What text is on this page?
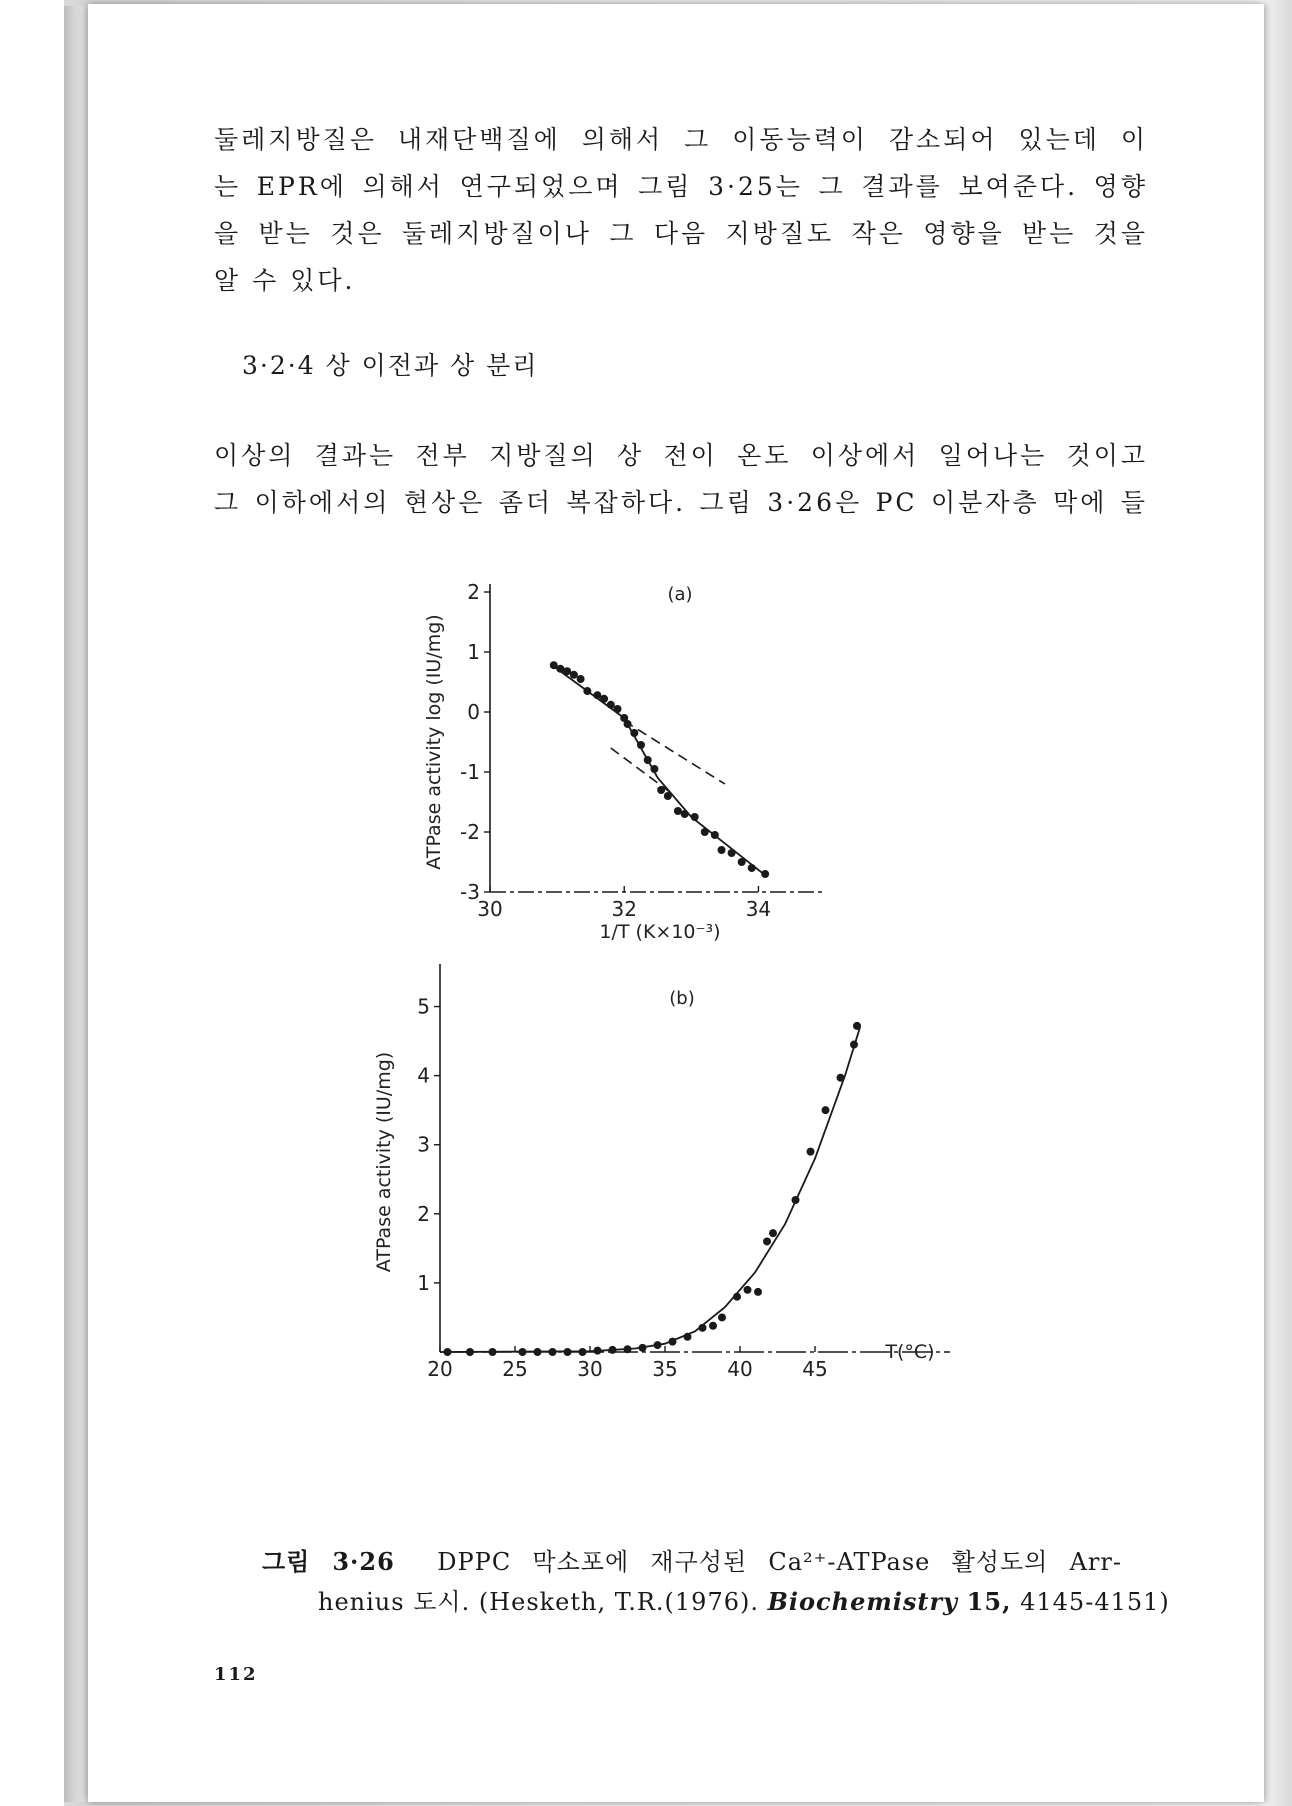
둘레지방질은 내재단백질에 의해서 그 이동능력이 감소되어 있는데 이
는 EPR에 의해서 연구되었으며 그림 3·25는 그 결과를 보여준다. 영향
을 받는 것은 둘레지방질이나 그 다음 지방질도 작은 영향을 받는 것을
알 수 있다.
3·2·4 상 이전과 상 분리
이상의 결과는 전부 지방질의 상 전이 온도 이상에서 일어나는 것이고
그 이하에서의 현상은 좀더 복잡하다. 그림 3·26은 PC 이분자층 막에 들
2
1
0
-1
-2
-3
30	32	34
ATPase activity log (IU/mg)
1/T (K×10⁻³)
(a)
5
4
3
2
1
20 25 30 35 40 45
ATPase activity (IU/mg)
T(°C)
(b)
그림 3·26 DPPC 막소포에 재구성된 Ca²⁺-ATPase 활성도의 Arr-
henius 도시. (Hesketh, T.R.(1976). Biochemistry 15, 4145-4151)
112
